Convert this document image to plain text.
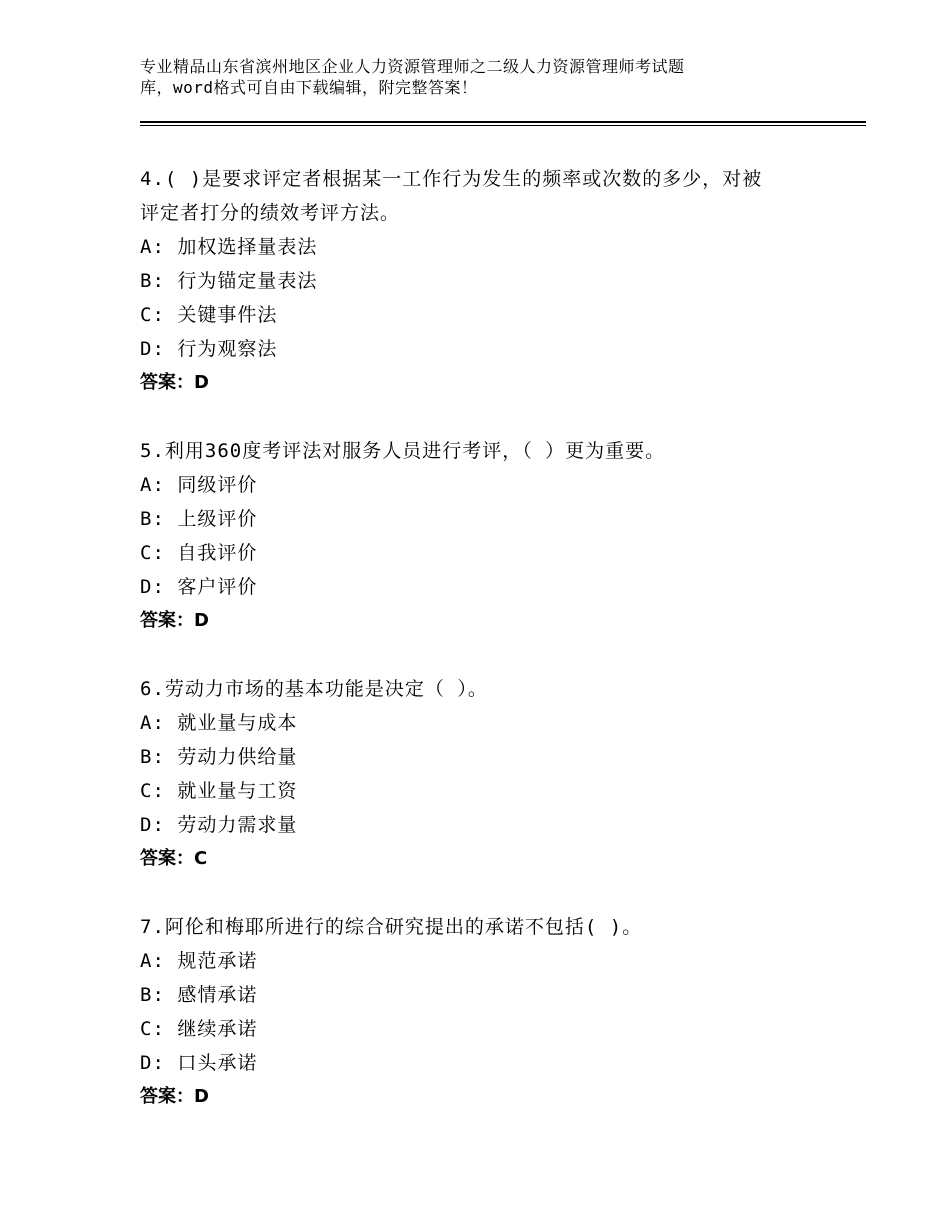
专业精品山东省滨州地区企业人力资源管理师之二级人力资源管理师考试题
库，word格式可自由下载编辑，附完整答案！
4.( )是要求评定者根据某一工作行为发生的频率或次数的多少，对被
评定者打分的绩效考评方法。
A: 加权选择量表法
B: 行为锚定量表法
C: 关键事件法
D: 行为观察法
答案：D
5.利用360度考评法对服务人员进行考评，（ ）更为重要。
A: 同级评价
B: 上级评价
C: 自我评价
D: 客户评价
答案：D
6.劳动力市场的基本功能是决定（ ）。
A: 就业量与成本
B: 劳动力供给量
C: 就业量与工资
D: 劳动力需求量
答案：C
7.阿伦和梅耶所进行的综合研究提出的承诺不包括( )。
A: 规范承诺
B: 感情承诺
C: 继续承诺
D: 口头承诺
答案：D
